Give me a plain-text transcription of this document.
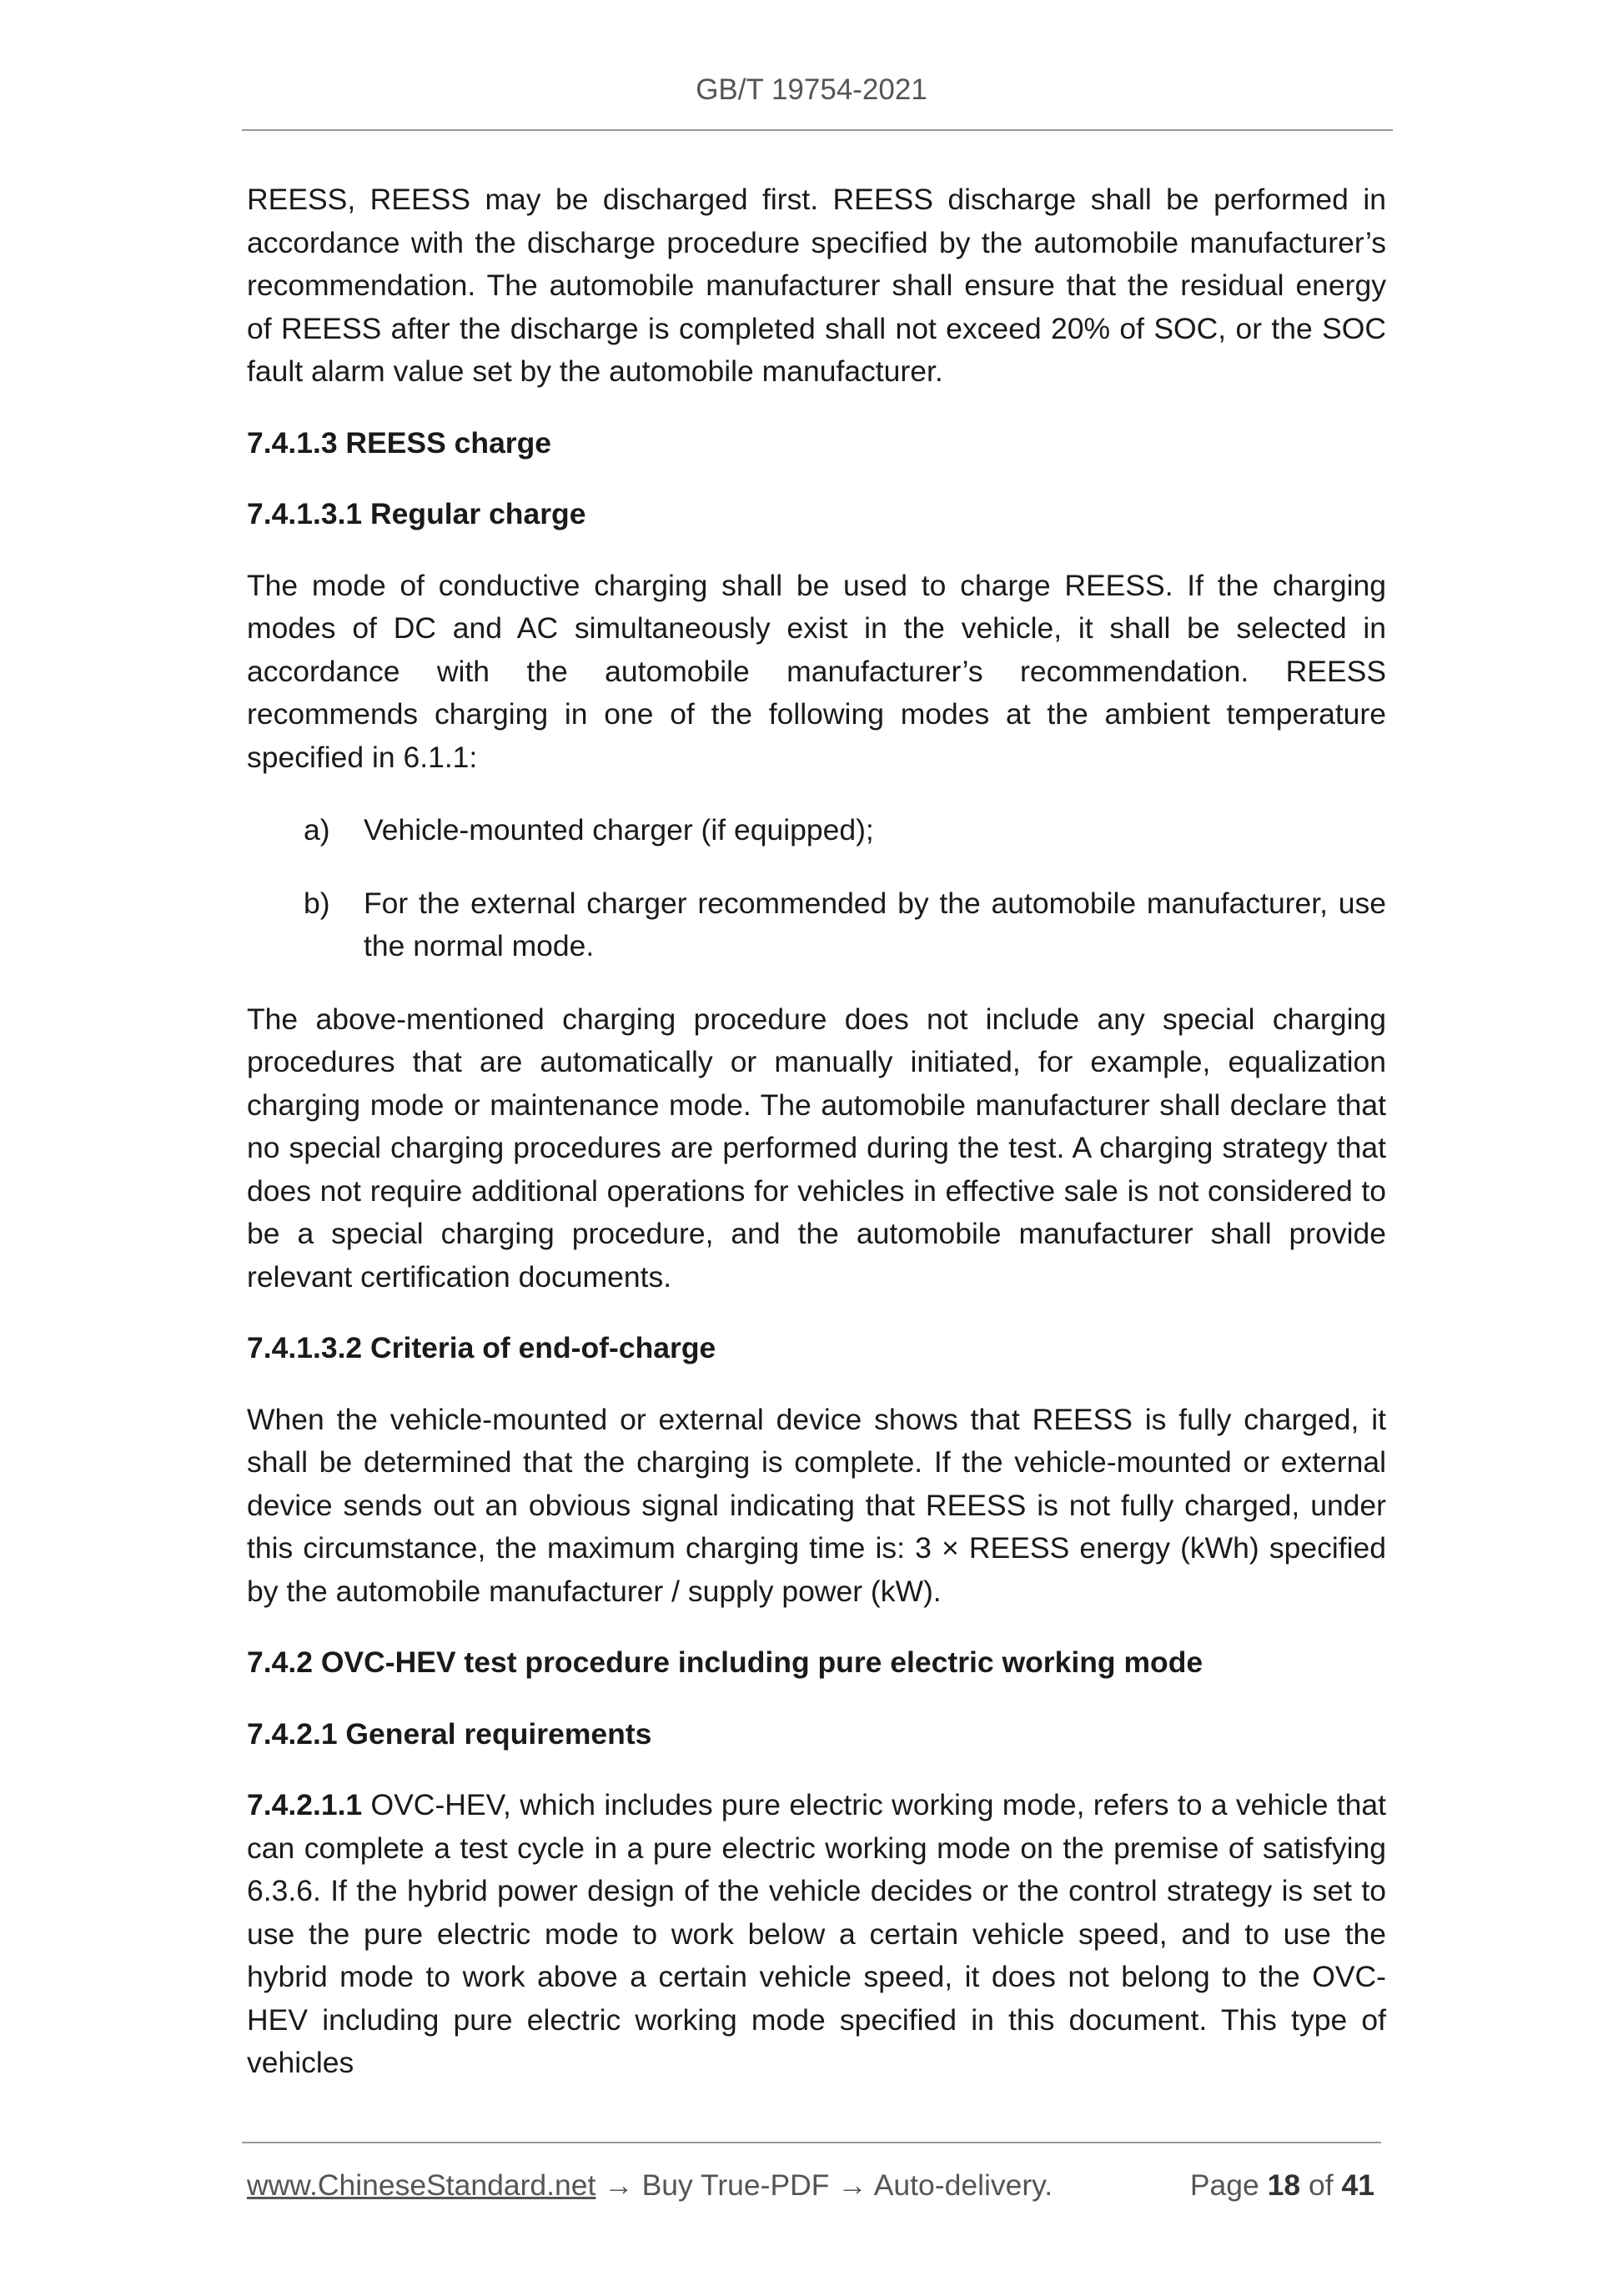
GB/T 19754-2021

REESS, REESS may be discharged first. REESS discharge shall be performed in accordance with the discharge procedure specified by the automobile manufacturer’s recommendation. The automobile manufacturer shall ensure that the residual energy of REESS after the discharge is completed shall not exceed 20% of SOC, or the SOC fault alarm value set by the automobile manufacturer.

7.4.1.3 REESS charge

7.4.1.3.1 Regular charge

The mode of conductive charging shall be used to charge REESS. If the charging modes of DC and AC simultaneously exist in the vehicle, it shall be selected in accordance with the automobile manufacturer’s recommendation. REESS recommends charging in one of the following modes at the ambient temperature specified in 6.1.1:

a)	Vehicle-mounted charger (if equipped);
b)	For the external charger recommended by the automobile manufacturer, use the normal mode.

The above-mentioned charging procedure does not include any special charging procedures that are automatically or manually initiated, for example, equalization charging mode or maintenance mode. The automobile manufacturer shall declare that no special charging procedures are performed during the test. A charging strategy that does not require additional operations for vehicles in effective sale is not considered to be a special charging procedure, and the automobile manufacturer shall provide relevant certification documents.

7.4.1.3.2 Criteria of end-of-charge

When the vehicle-mounted or external device shows that REESS is fully charged, it shall be determined that the charging is complete. If the vehicle-mounted or external device sends out an obvious signal indicating that REESS is not fully charged, under this circumstance, the maximum charging time is: 3 × REESS energy (kWh) specified by the automobile manufacturer / supply power (kW).

7.4.2 OVC-HEV test procedure including pure electric working mode

7.4.2.1 General requirements

7.4.2.1.1 OVC-HEV, which includes pure electric working mode, refers to a vehicle that can complete a test cycle in a pure electric working mode on the premise of satisfying 6.3.6. If the hybrid power design of the vehicle decides or the control strategy is set to use the pure electric mode to work below a certain vehicle speed, and to use the hybrid mode to work above a certain vehicle speed, it does not belong to the OVC-HEV including pure electric working mode specified in this document. This type of vehicles

www.ChineseStandard.net → Buy True-PDF → Auto-delivery.	Page 18 of 41
